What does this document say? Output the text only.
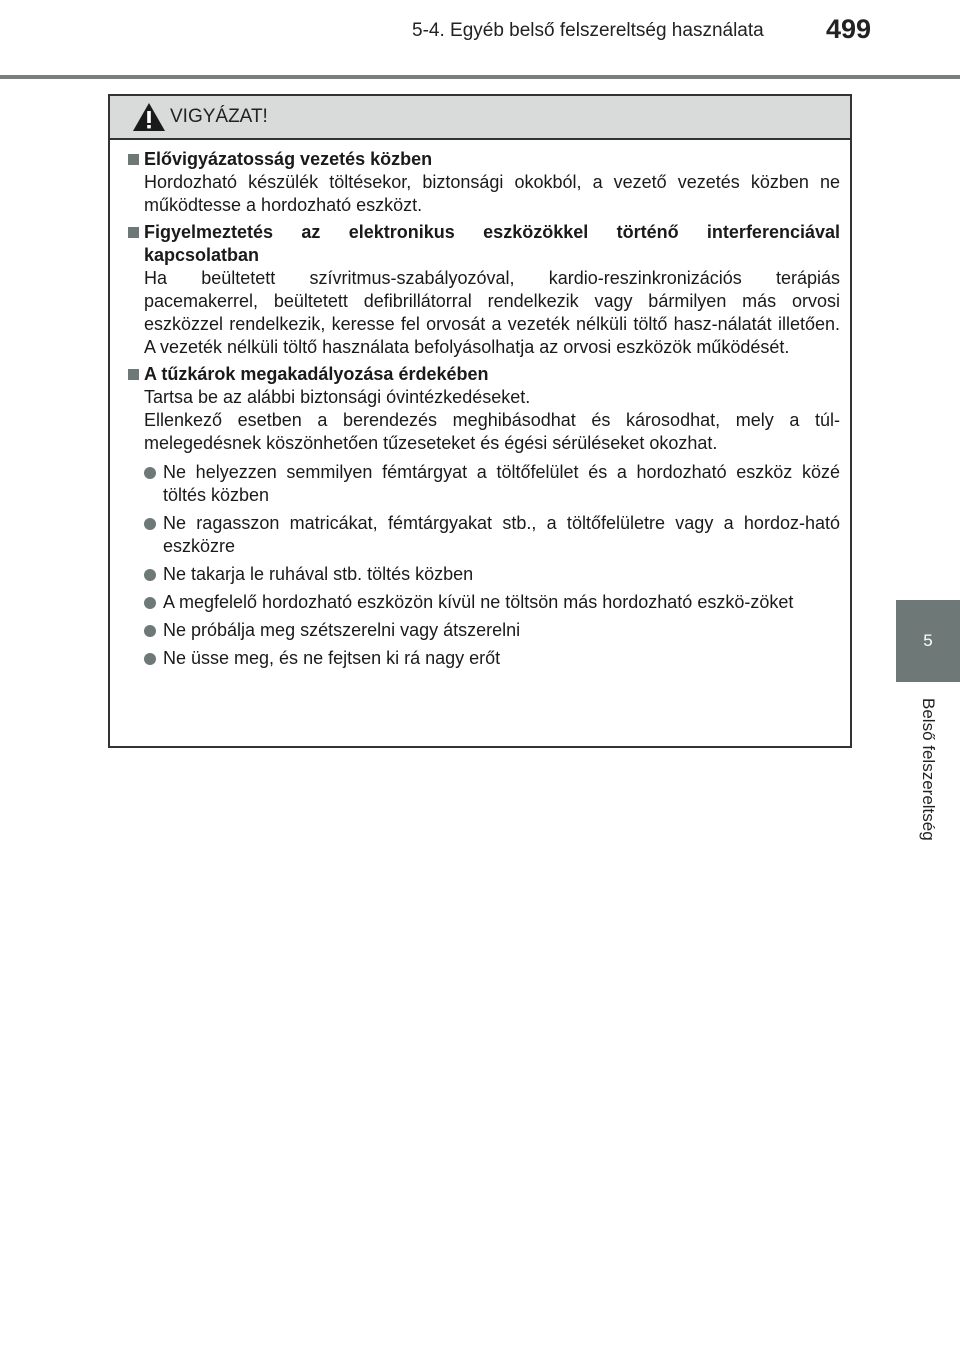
5-4. Egyéb belső felszereltség használata 499
5
Belső felszereltség
VIGYÁZAT!
Elővigyázatosság vezetés közben
Hordozható készülék töltésekor, biztonsági okokból, a vezető vezetés közben ne működtesse a hordozható eszközt.
Figyelmeztetés az elektronikus eszközökkel történő interferenciával kapcsolatban
Ha beültetett szívritmus-szabályozóval, kardio-reszinkronizációs terápiás pacemakerrel, beültetett defibrillátorral rendelkezik vagy bármilyen más orvosi eszközzel rendelkezik, keresse fel orvosát a vezeték nélküli töltő hasz-nálatát illetően. A vezeték nélküli töltő használata befolyásolhatja az orvosi eszközök működését.
A tűzkárok megakadályozása érdekében
Tartsa be az alábbi biztonsági óvintézkedéseket.
Ellenkező esetben a berendezés meghibásodhat és károsodhat, mely a túl-melegedésnek köszönhetően tűzeseteket és égési sérüléseket okozhat.
Ne helyezzen semmilyen fémtárgyat a töltőfelület és a hordozható eszköz közé töltés közben
Ne ragasszon matricákat, fémtárgyakat stb., a töltőfelületre vagy a hordoz-ható eszközre
Ne takarja le ruhával stb. töltés közben
A megfelelő hordozható eszközön kívül ne töltsön más hordozható eszkö-zöket
Ne próbálja meg szétszerelni vagy átszerelni
Ne üsse meg, és ne fejtsen ki rá nagy erőt
